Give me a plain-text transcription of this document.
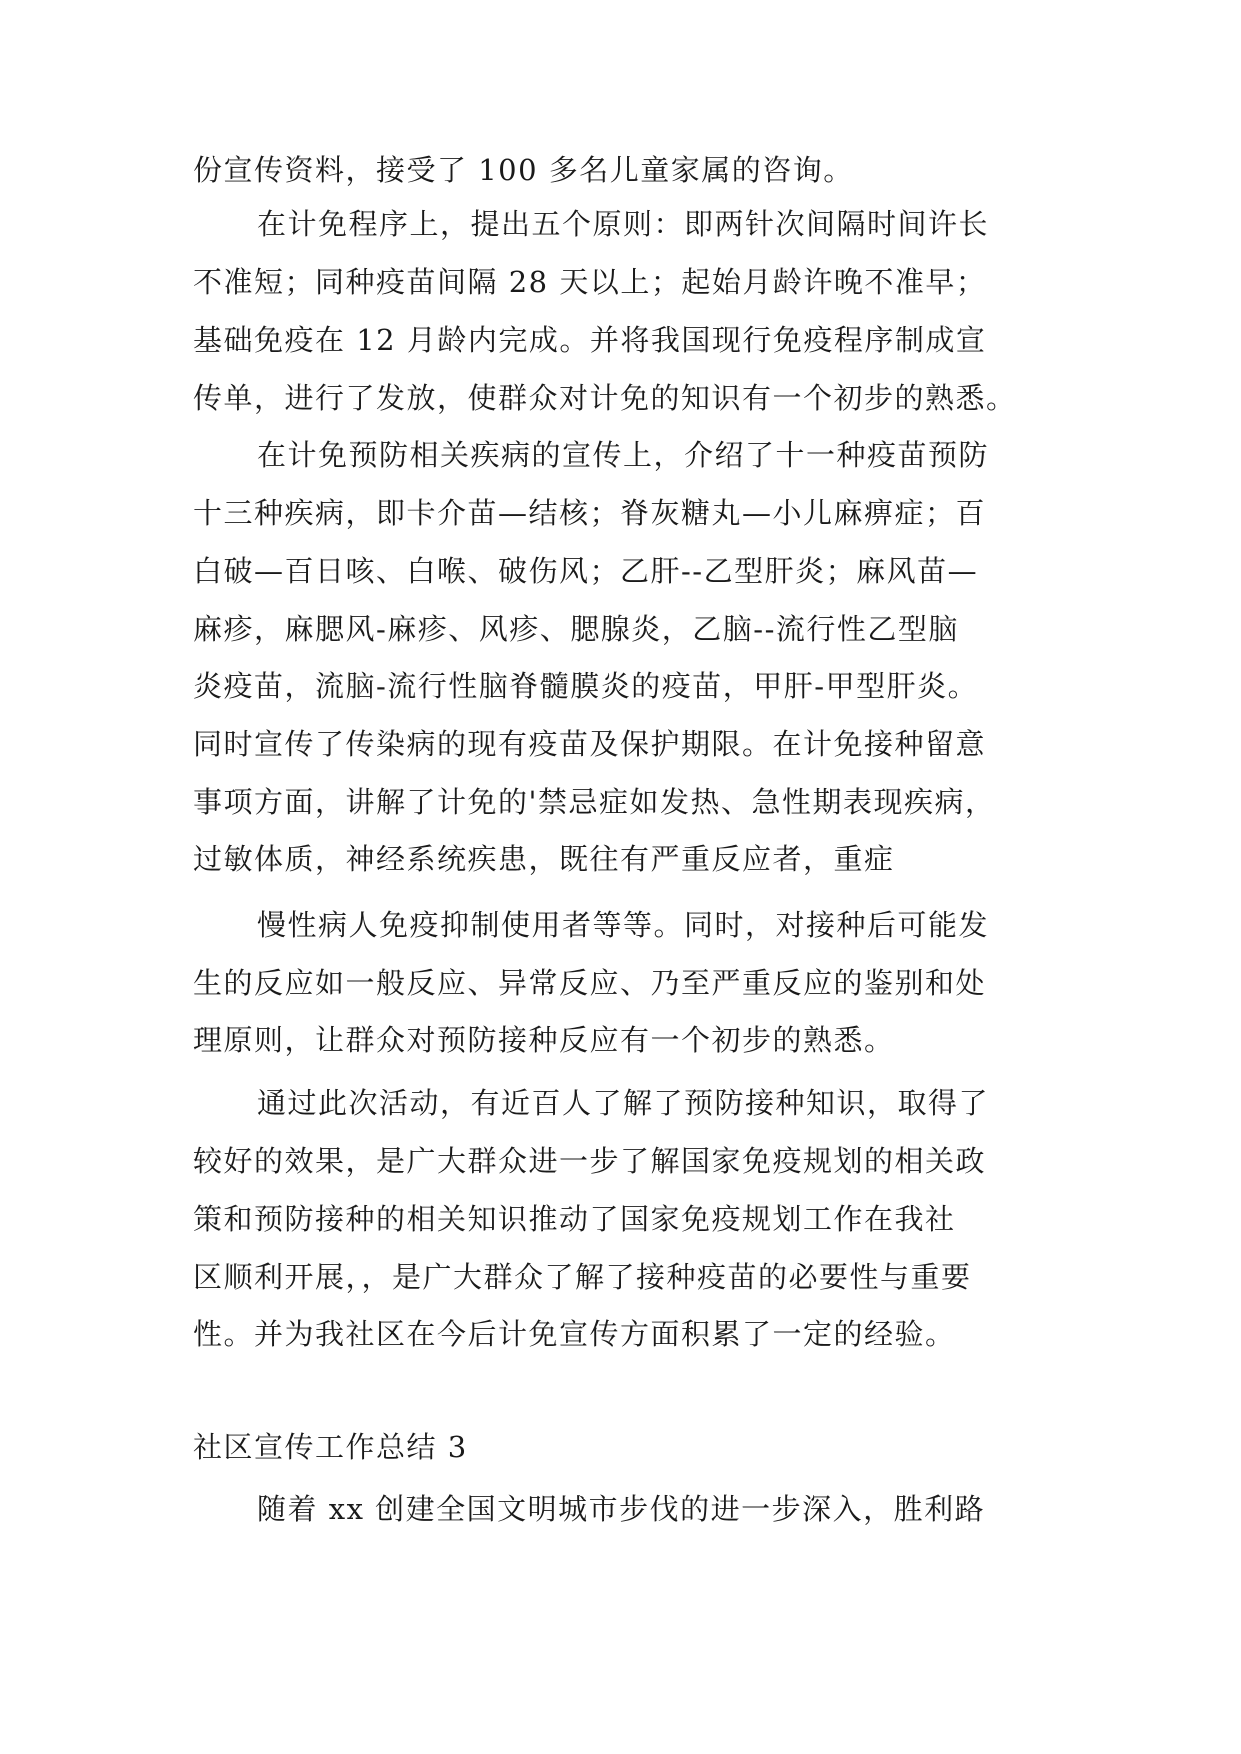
份宣传资料，接受了 100 多名儿童家属的咨询。
在计免程序上，提出五个原则：即两针次间隔时间许长
不准短；同种疫苗间隔 28 天以上；起始月龄许晚不准早；
基础免疫在 12 月龄内完成。并将我国现行免疫程序制成宣
传单，进行了发放，使群众对计免的知识有一个初步的熟悉。
在计免预防相关疾病的宣传上，介绍了十一种疫苗预防
十三种疾病，即卡介苗—结核；脊灰糖丸—小儿麻痹症；百
白破—百日咳、白喉、破伤风；乙肝--乙型肝炎；麻风苗—
麻疹，麻腮风-麻疹、风疹、腮腺炎，乙脑--流行性乙型脑
炎疫苗，流脑-流行性脑脊髓膜炎的疫苗，甲肝-甲型肝炎。
同时宣传了传染病的现有疫苗及保护期限。在计免接种留意
事项方面，讲解了计免的'禁忌症如发热、急性期表现疾病，
过敏体质，神经系统疾患，既往有严重反应者，重症
慢性病人免疫抑制使用者等等。同时，对接种后可能发
生的反应如一般反应、异常反应、乃至严重反应的鉴别和处
理原则，让群众对预防接种反应有一个初步的熟悉。
通过此次活动，有近百人了解了预防接种知识，取得了
较好的效果，是广大群众进一步了解国家免疫规划的相关政
策和预防接种的相关知识推动了国家免疫规划工作在我社
区顺利开展，，是广大群众了解了接种疫苗的必要性与重要
性。并为我社区在今后计免宣传方面积累了一定的经验。
社区宣传工作总结 3
随着 xx 创建全国文明城市步伐的进一步深入，胜利路
